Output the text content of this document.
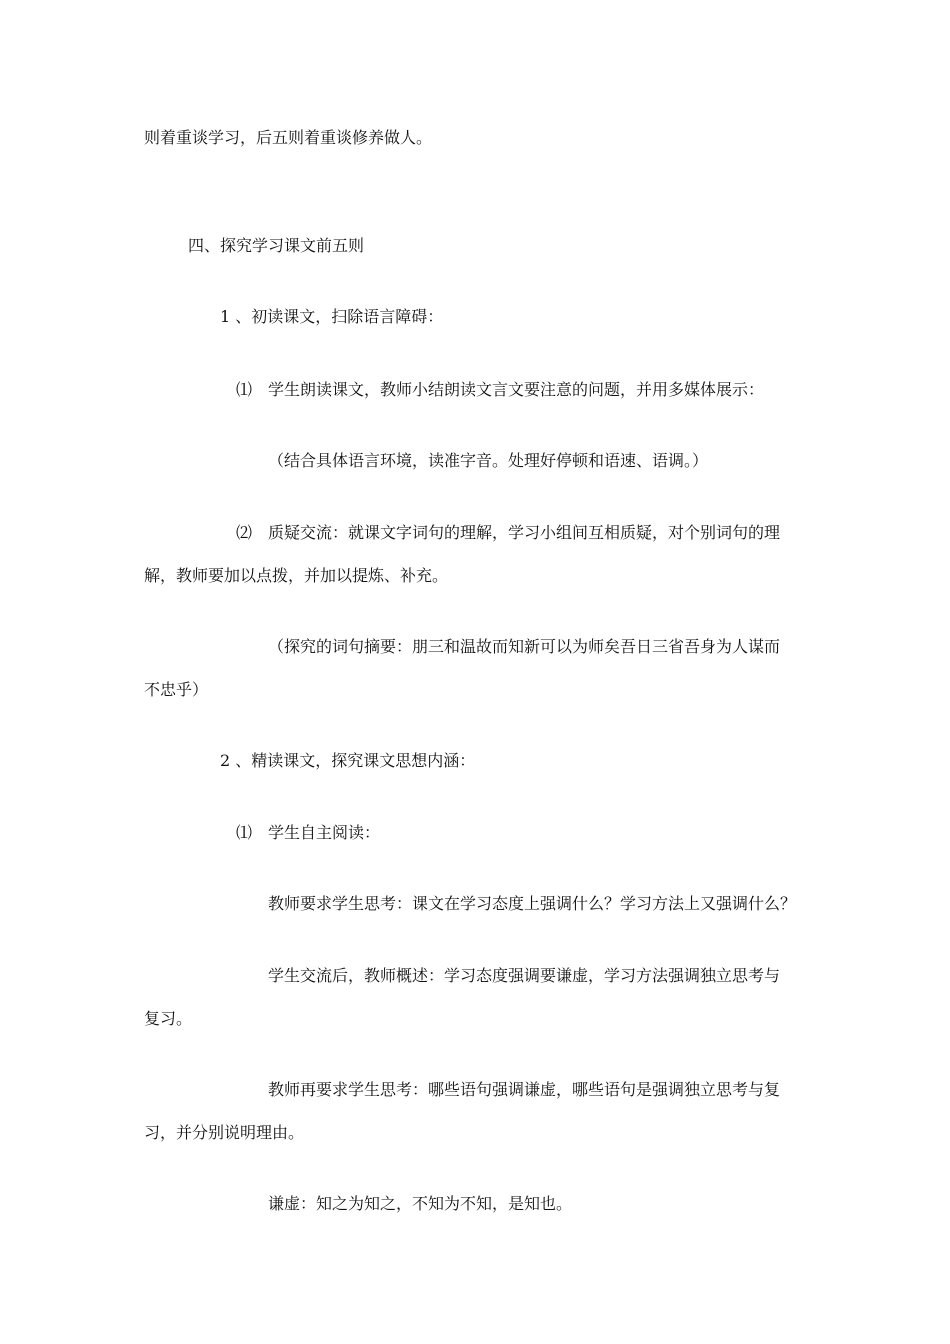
则着重谈学习，后五则着重谈修养做人。

四、探究学习课文前五则

1 、初读课文，扫除语言障碍：

⑴　学生朗读课文，教师小结朗读文言文要注意的问题，并用多媒体展示：

（结合具体语言环境，读准字音。处理好停顿和语速、语调。）

⑵　质疑交流：就课文字词句的理解，学习小组间互相质疑，对个别词句的理

解，教师要加以点拨，并加以提炼、补充。

（探究的词句摘要：朋三和温故而知新可以为师矣吾日三省吾身为人谋而

不忠乎）

2 、精读课文，探究课文思想内涵：

⑴　学生自主阅读：

教师要求学生思考：课文在学习态度上强调什么？学习方法上又强调什么？

学生交流后，教师概述：学习态度强调要谦虚，学习方法强调独立思考与

复习。

教师再要求学生思考：哪些语句强调谦虚，哪些语句是强调独立思考与复

习，并分别说明理由。

谦虚：知之为知之，不知为不知，是知也。
